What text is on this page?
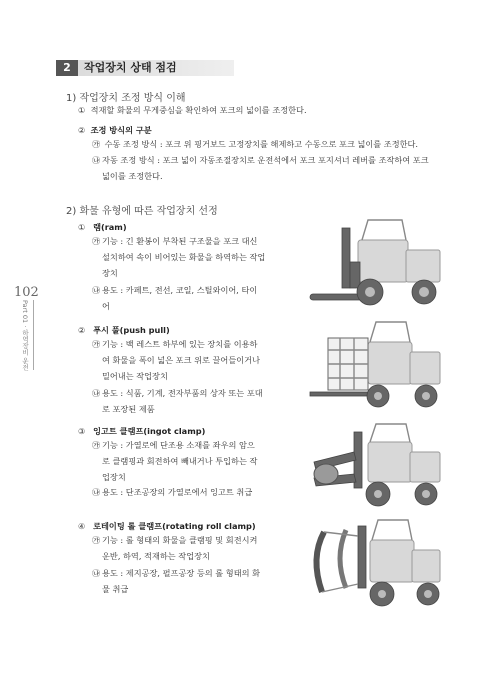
2	작업장치 상태 점검
102
Part 01 · 하역장비 운전
1) 작업장치 조정 방식 이해
① 적재할 화물의 무게중심을 확인하여 포크의 넓이를 조정한다.
② 조정 방식의 구분
㉮ 수동 조정 방식 : 포크 위 핑거보드 고정장치를 해제하고 수동으로 포크 넓이를 조정한다.
㉯ 자동 조정 방식 : 포크 넓이 자동조절장치로 운전석에서 포크 포지셔너 레버를 조작하여 포크
넓이를 조정한다.
2) 화물 유형에 따른 작업장치 선정
① 램(ram)
㉮ 기능 : 긴 환봉이 부착된 구조물을 포크 대신
설치하여 속이 비어있는 화물을 하역하는 작업
장치
㉯ 용도 : 카페트, 전선, 코일, 스틸와이어, 타이
어
② 푸시 풀(push pull)
㉮ 기능 : 백 레스트 하부에 있는 장치를 이용하
여 화물을 폭이 넓은 포크 위로 끌어들이거나
밀어내는 작업장치
㉯ 용도 : 식품, 기계, 전자부품의 상자 또는 포대
로 포장된 제품
③ 잉고트 클램프(ingot clamp)
㉮ 기능 : 가열로에 단조용 소재를 좌우의 암으
로 클램핑과 회전하여 빼내거나 투입하는 작
업장치
㉯ 용도 : 단조공장의 가열로에서 잉고트 취급
④ 로테이팅 롤 클램프(rotating roll clamp)
㉮ 기능 : 롤 형태의 화물을 클램핑 및 회전시켜
운반, 하역, 적재하는 작업장치
㉯ 용도 : 제지공장, 펄프공장 등의 롤 형태의 화
물 취급
